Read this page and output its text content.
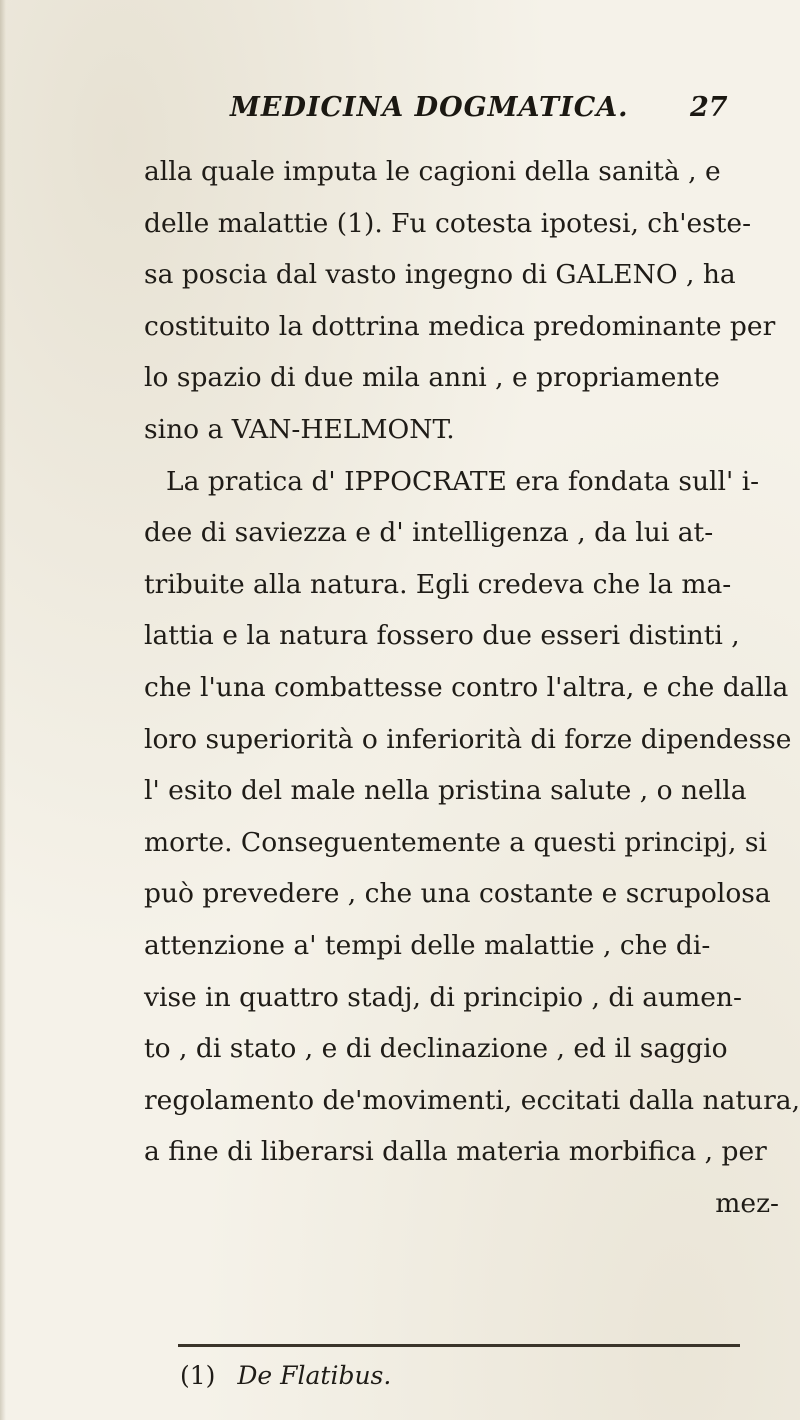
MEDICINA DOGMATICA. 27
alla quale imputa le cagioni della sanità , e
delle malattie (1). Fu cotesta ipotesi, ch'este-
sa poscia dal vasto ingegno di GALENO , ha
costituito la dottrina medica predominante per
lo spazio di due mila anni , e propriamente
sino a VAN-HELMONT.
La pratica d' IPPOCRATE era fondata sull' i-
dee di saviezza e d' intelligenza , da lui at-
tribuite alla natura. Egli credeva che la ma-
lattia e la natura fossero due esseri distinti ,
che l'una combattesse contro l'altra, e che dalla
loro superiorità o inferiorità di forze dipendesse
l' esito del male nella pristina salute , o nella
morte. Conseguentemente a questi principj, si
può prevedere , che una costante e scrupolosa
attenzione a' tempi delle malattie , che di-
vise in quattro stadj, di principio , di aumen-
to , di stato , e di declinazione , ed il saggio
regolamento de'movimenti, eccitati dalla natura,
a fine di liberarsi dalla materia morbifica , per
mez-
(1) De Flatibus.
